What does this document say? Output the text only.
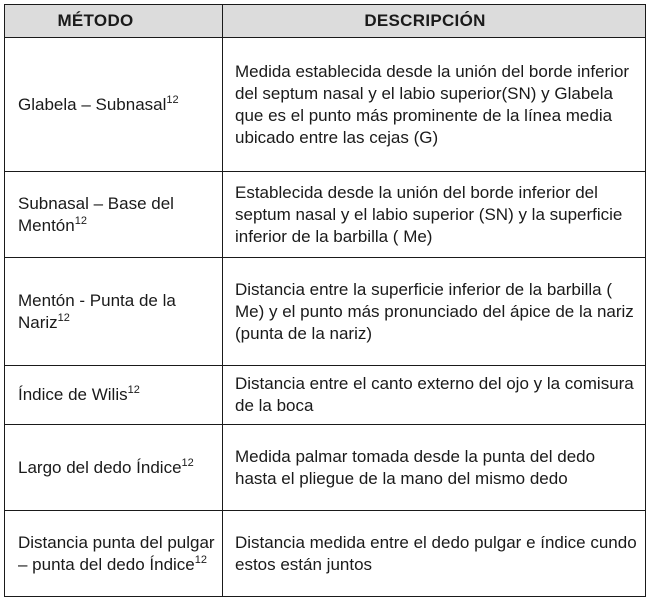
MÉTODO	DESCRIPCIÓN
Glabela – Subnasal$^{12}$	Medida establecida desde la unión del borde inferior del septum nasal y el labio superior(SN) y Glabela que es el punto más prominente de la línea media ubicado entre las cejas (G)
Subnasal – Base del Mentón$^{12}$	Establecida desde la unión del borde inferior del septum nasal y el labio superior (SN) y la superficie inferior de la barbilla ( Me)
Mentón - Punta de la Nariz$^{12}$	Distancia entre la superficie inferior de la barbilla ( Me) y el punto más pronunciado del ápice de la nariz (punta de la nariz)
Índice de Wilis$^{12}$	Distancia entre el canto externo del ojo y la comisura de la boca
Largo del dedo Índice$^{12}$	Medida palmar tomada desde la punta del dedo hasta el pliegue de la mano del mismo dedo
Distancia punta del pulgar – punta del dedo Índice$^{12}$	Distancia medida entre el dedo pulgar e índice cundo estos están juntos
